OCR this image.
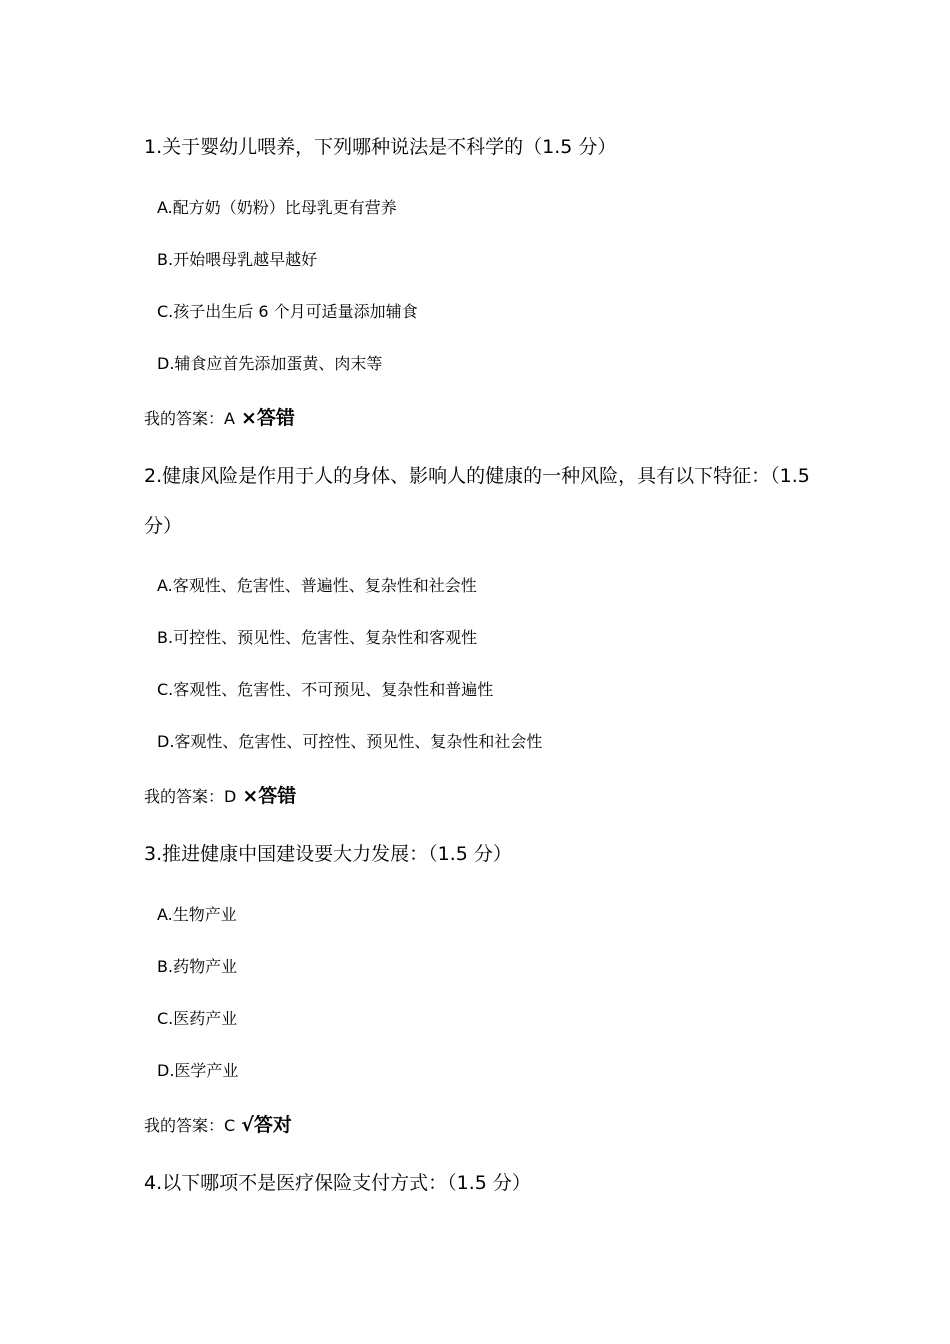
1.关于婴幼儿喂养，下列哪种说法是不科学的（1.5 分）
A.配方奶（奶粉）比母乳更有营养
B.开始喂母乳越早越好
C.孩子出生后 6 个月可适量添加辅食
D.辅食应首先添加蛋黄、肉末等
我的答案：A ×答错
2.健康风险是作用于人的身体、影响人的健康的一种风险，具有以下特征：（1.5 分）
A.客观性、危害性、普遍性、复杂性和社会性
B.可控性、预见性、危害性、复杂性和客观性
C.客观性、危害性、不可预见、复杂性和普遍性
D.客观性、危害性、可控性、预见性、复杂性和社会性
我的答案：D ×答错
3.推进健康中国建设要大力发展：（1.5 分）
A.生物产业
B.药物产业
C.医药产业
D.医学产业
我的答案：C √答对
4.以下哪项不是医疗保险支付方式：（1.5 分）
